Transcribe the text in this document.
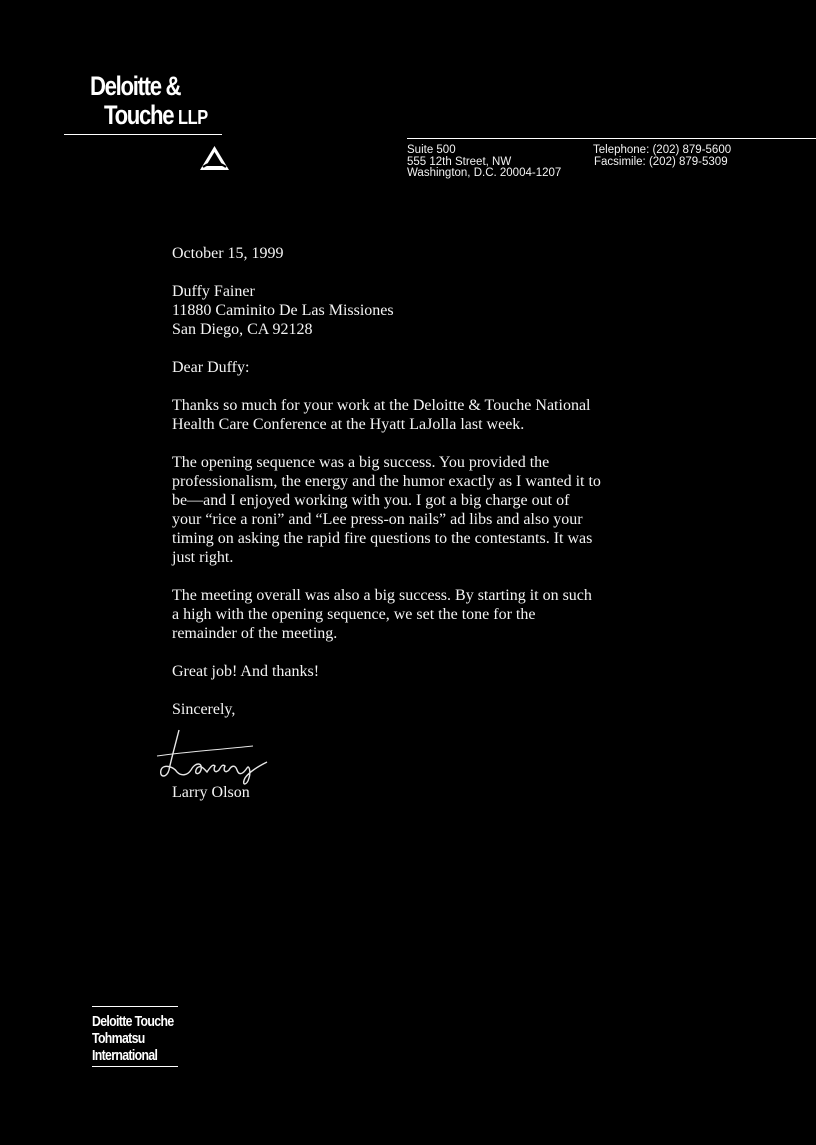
Deloitte &
Touche LLP
Suite 500
555 12th Street, NW
Washington, D.C. 20004-1207
Telephone: (202) 879-5600
Facsimile: (202) 879-5309
October 15, 1999
Duffy Fainer
11880 Caminito De Las Missiones
San Diego, CA 92128
Dear Duffy:
Thanks so much for your work at the Deloitte & Touche National
Health Care Conference at the Hyatt LaJolla last week.
The opening sequence was a big success. You provided the
professionalism, the energy and the humor exactly as I wanted it to
be—and I enjoyed working with you. I got a big charge out of
your “rice a roni” and “Lee press-on nails” ad libs and also your
timing on asking the rapid fire questions to the contestants. It was
just right.
The meeting overall was also a big success. By starting it on such
a high with the opening sequence, we set the tone for the
remainder of the meeting.
Great job! And thanks!
Sincerely,
Larry Olson
Deloitte Touche
Tohmatsu
International
